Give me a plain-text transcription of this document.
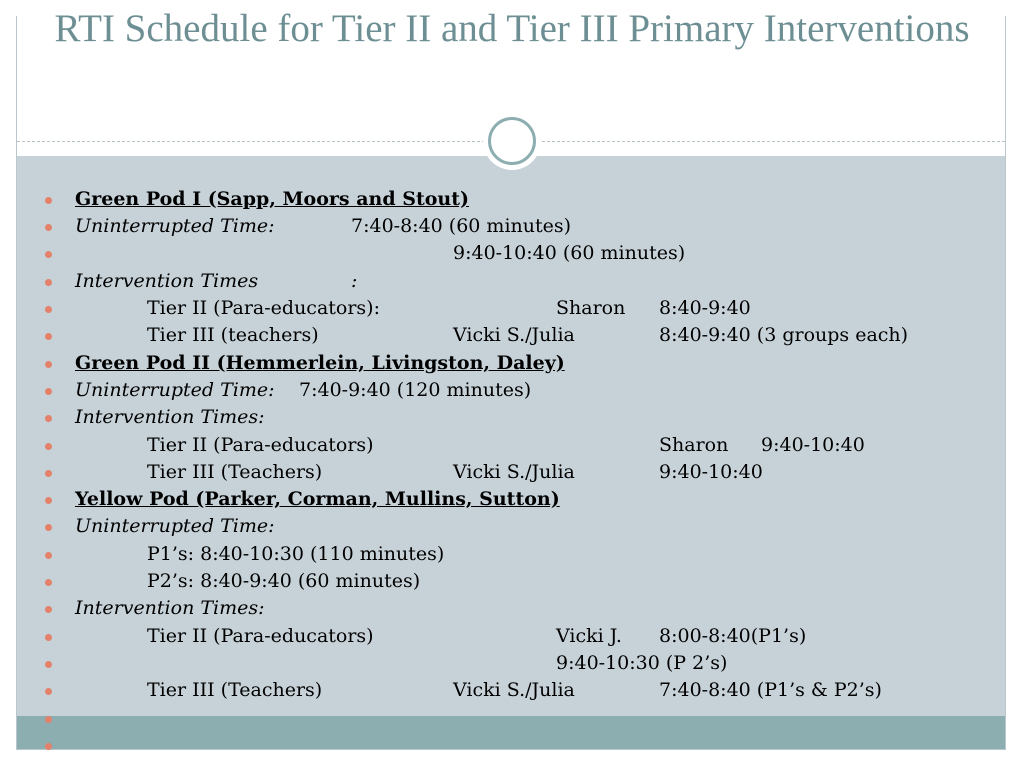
RTI Schedule for Tier II and Tier III Primary Interventions
Green Pod I (Sapp, Moors and Stout)
Uninterrupted Time:	7:40-8:40 (60 minutes)
9:40-10:40 (60 minutes)
Intervention Times	:
Tier II (Para-educators):	Sharon 8:40-9:40
Tier III (teachers)	Vicki S./Julia	8:40-9:40 (3 groups each)
Green Pod II (Hemmerlein, Livingston, Daley)
Uninterrupted Time: 7:40-9:40 (120 minutes)
Intervention Times:
Tier II (Para-educators)	Sharon 9:40-10:40
Tier III (Teachers)	Vicki S./Julia	9:40-10:40
Yellow Pod (Parker, Corman, Mullins, Sutton)
Uninterrupted Time:
P1’s: 8:40-10:30 (110 minutes)
P2’s: 8:40-9:40 (60 minutes)
Intervention Times:
Tier II (Para-educators)	Vicki J. 8:00-8:40(P1’s)
9:40-10:30 (P 2’s)
Tier III (Teachers)	Vicki S./Julia	7:40-8:40 (P1’s & P2’s)
